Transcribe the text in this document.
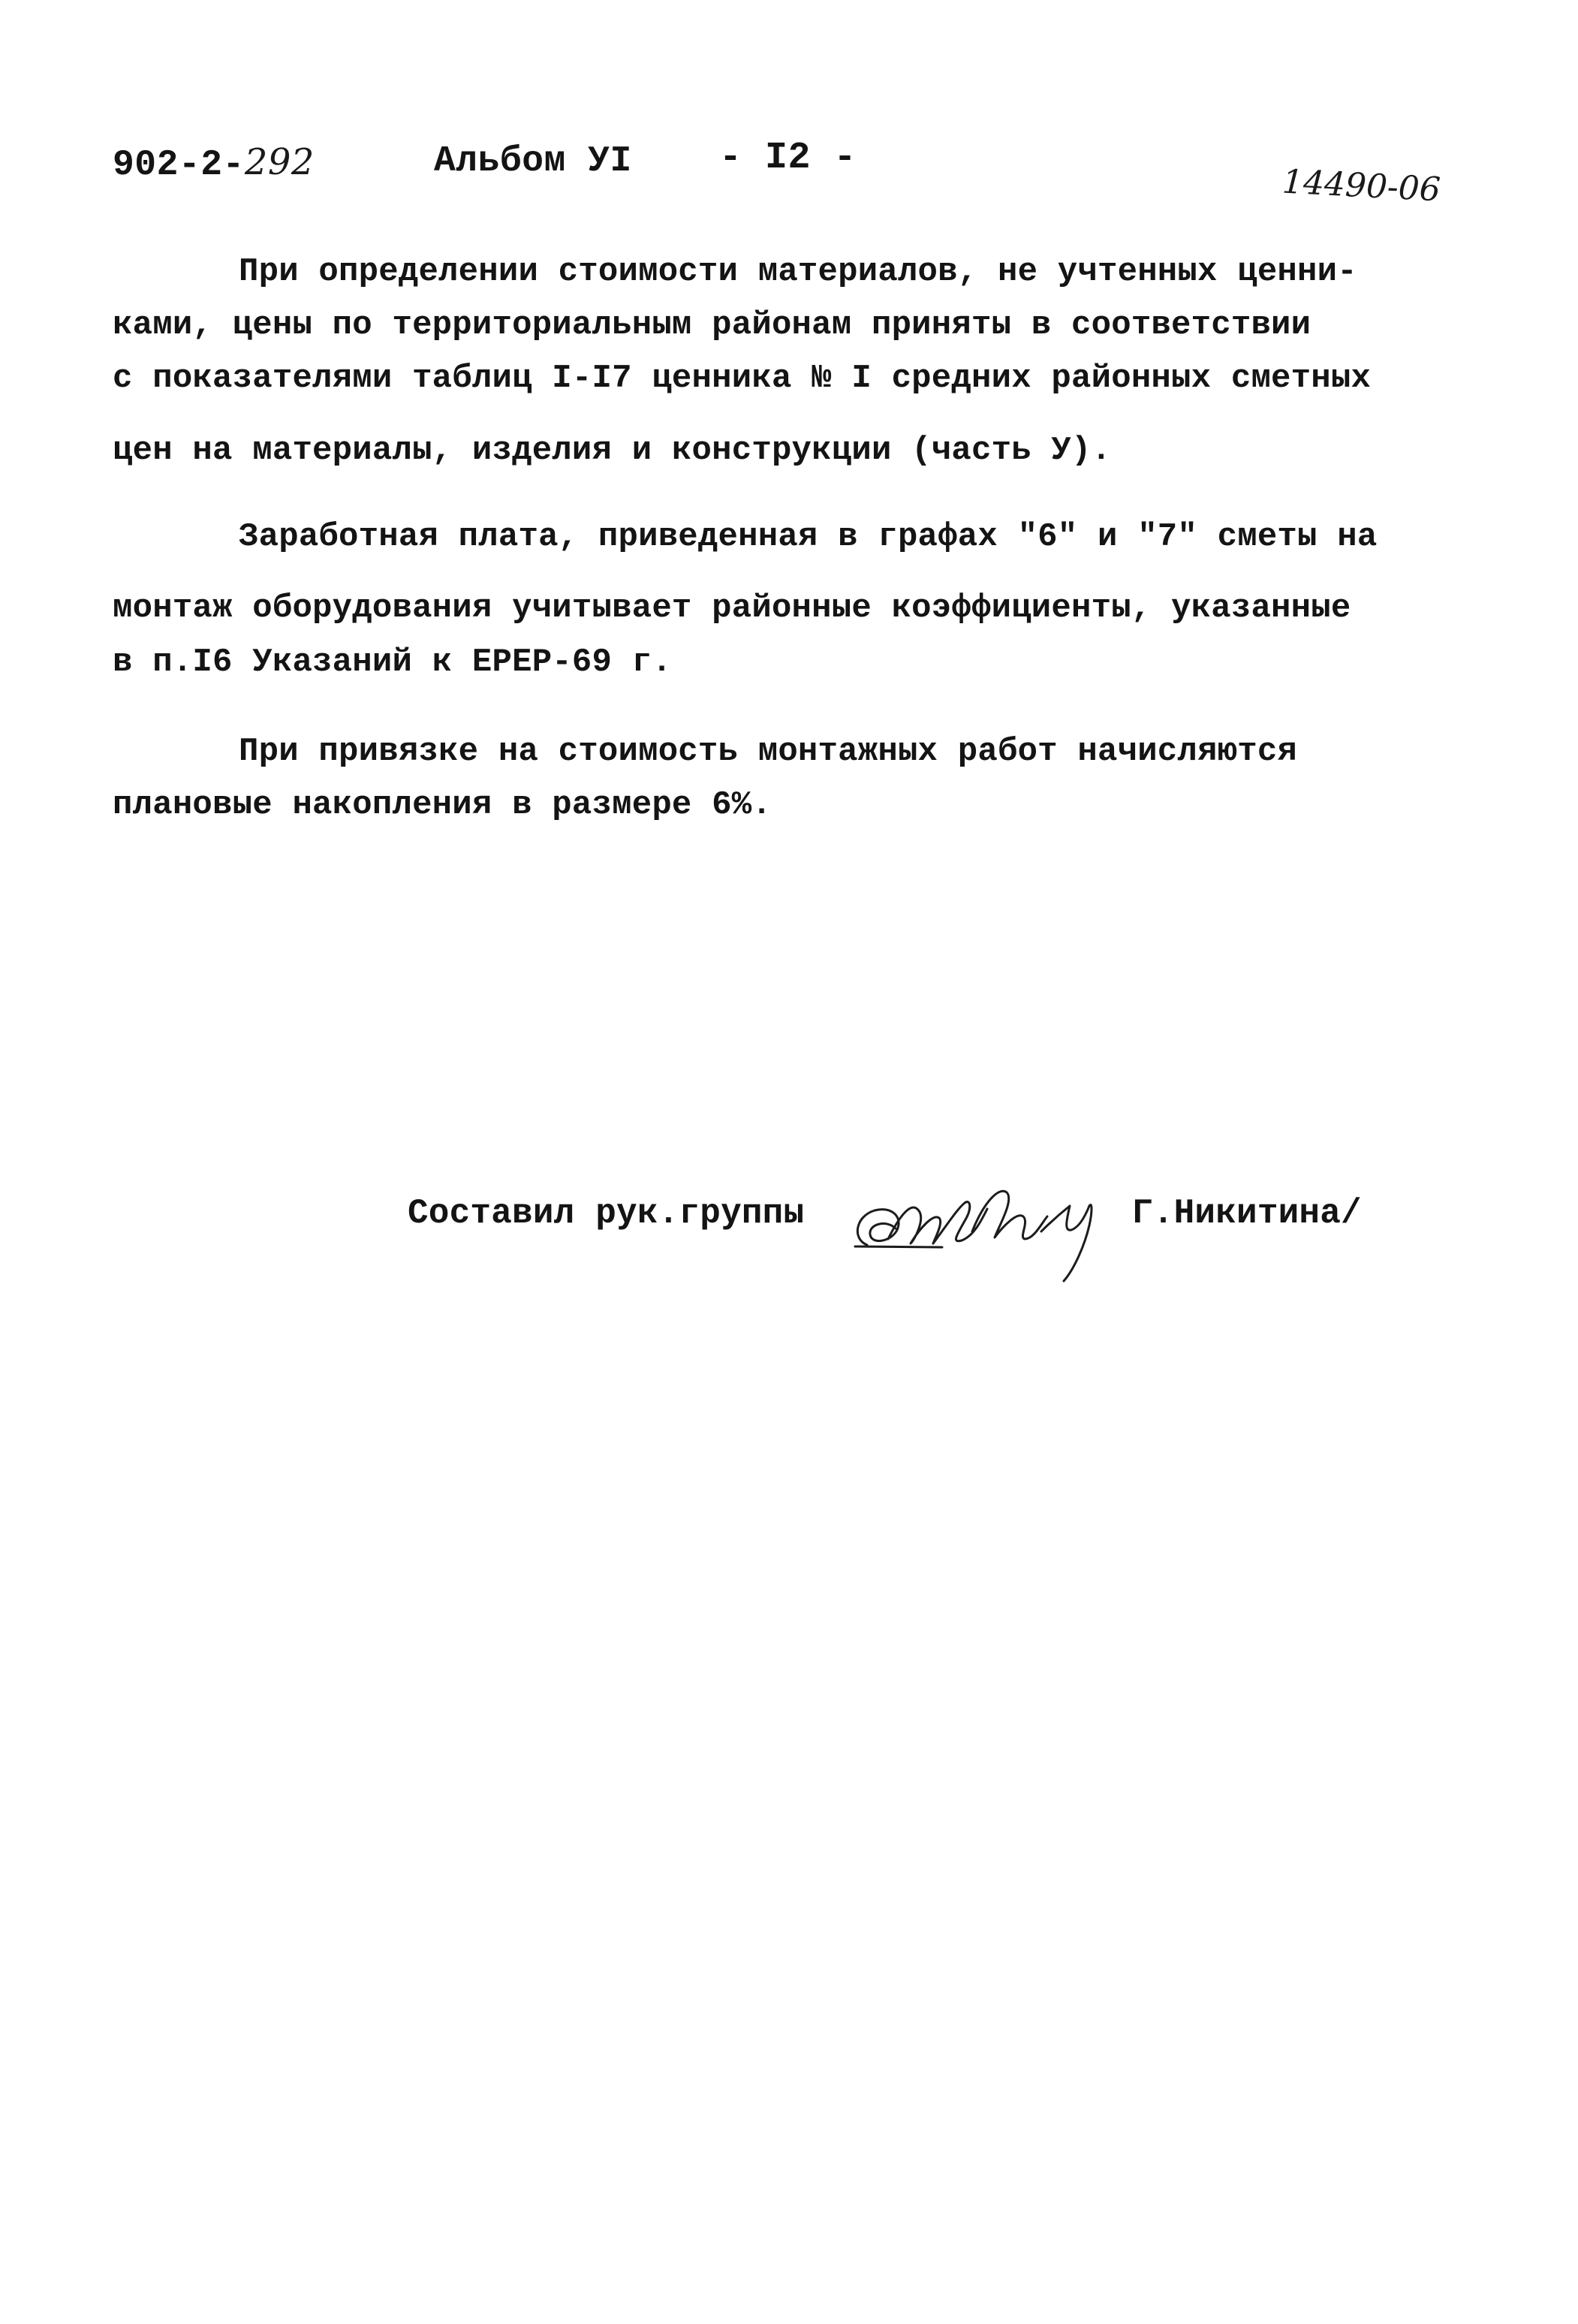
902-2-292	Альбом УI - I2 -
14490-06
При определении стоимости материалов, не учтенных ценни-
ками, цены по территориальным районам приняты в соответствии
с показателями таблиц I-I7 ценника № I средних районных сметных
цен на материалы, изделия и конструкции (часть У).
Заработная плата, приведенная в графах "6" и "7" сметы на
монтаж оборудования учитывает районные коэффициенты, указанные
в п.I6 Указаний к ЕРЕР-69 г.
При привязке на стоимость монтажных работ начисляются
плановые накопления в размере 6%.
Составил рук.группы	Г.Никитина/
